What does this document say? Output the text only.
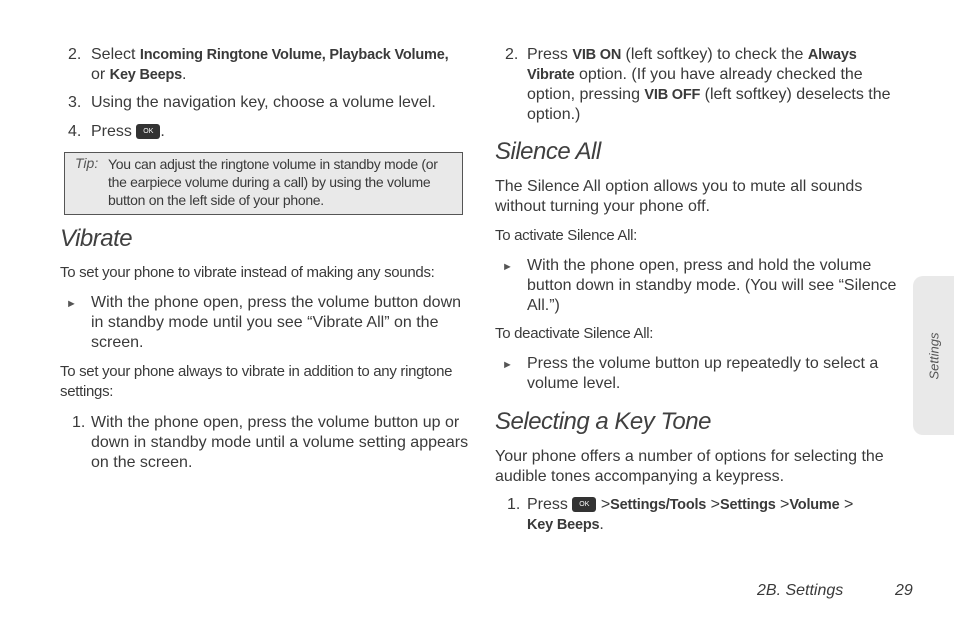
2. Select Incoming Ringtone Volume, Playback Volume,
or Key Beeps.
3. Using the navigation key, choose a volume level.
4. Press OK .
Tip: You can adjust the ringtone volume in standby mode (or the earpiece volume during a call) by using the volume button on the left side of your phone.
Vibrate
To set your phone to vibrate instead of making any sounds:
► With the phone open, press the volume button down in standby mode until you see “Vibrate All” on the screen.
To set your phone always to vibrate in addition to any ringtone settings:
1. With the phone open, press the volume button up or down in standby mode until a volume setting appears on the screen.
2. Press VIB ON (left softkey) to check the Always Vibrate option. (If you have already checked the option, pressing VIB OFF (left softkey) deselects the option.)
Silence All
The Silence All option allows you to mute all sounds without turning your phone off.
To activate Silence All:
► With the phone open, press and hold the volume button down in standby mode. (You will see “Silence All.”)
To deactivate Silence All:
► Press the volume button up repeatedly to select a volume level.
Selecting a Key Tone
Your phone offers a number of options for selecting the audible tones accompanying a keypress.
1. Press OK >Settings/Tools >Settings >Volume >
Key Beeps.
Settings
2B. Settings	29
